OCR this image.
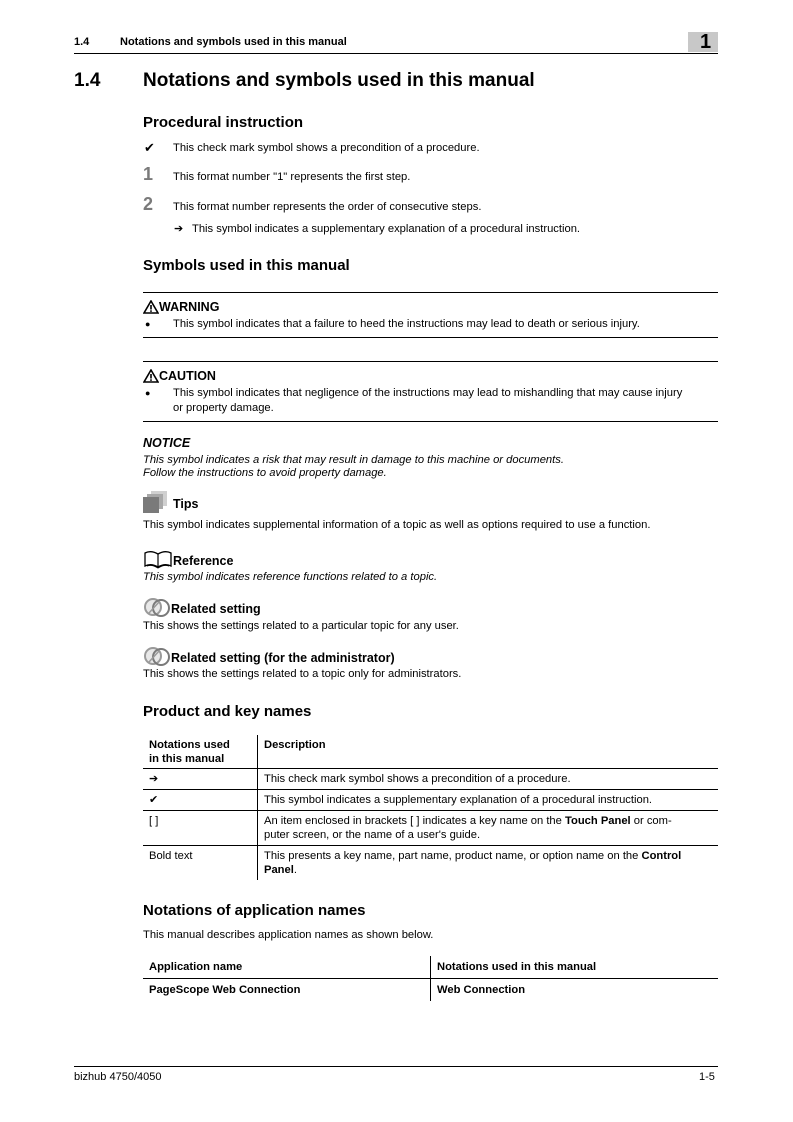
1.4	Notations and symbols used in this manual	1
1.4 Notations and symbols used in this manual
Procedural instruction
✔ This check mark symbol shows a precondition of a procedure.
1 This format number "1" represents the first step.
2 This format number represents the order of consecutive steps.
➔ This symbol indicates a supplementary explanation of a procedural instruction.
Symbols used in this manual
WARNING
● This symbol indicates that a failure to heed the instructions may lead to death or serious injury.
CAUTION
● This symbol indicates that negligence of the instructions may lead to mishandling that may cause injury
or property damage.
NOTICE
This symbol indicates a risk that may result in damage to this machine or documents.
Follow the instructions to avoid property damage.
Tips
This symbol indicates supplemental information of a topic as well as options required to use a function.
Reference
This symbol indicates reference functions related to a topic.
Related setting
This shows the settings related to a particular topic for any user.
Related setting (for the administrator)
This shows the settings related to a topic only for administrators.
Product and key names
Notations used
in this manual	Description
➔	This check mark symbol shows a precondition of a procedure.
✔	This symbol indicates a supplementary explanation of a procedural instruction.
[ ]	An item enclosed in brackets [ ] indicates a key name on the Touch Panel or com-
puter screen, or the name of a user's guide.
Bold text	This presents a key name, part name, product name, or option name on the Control
Panel.
Notations of application names
This manual describes application names as shown below.
Application name	Notations used in this manual
PageScope Web Connection	Web Connection
bizhub 4750/4050	1-5
